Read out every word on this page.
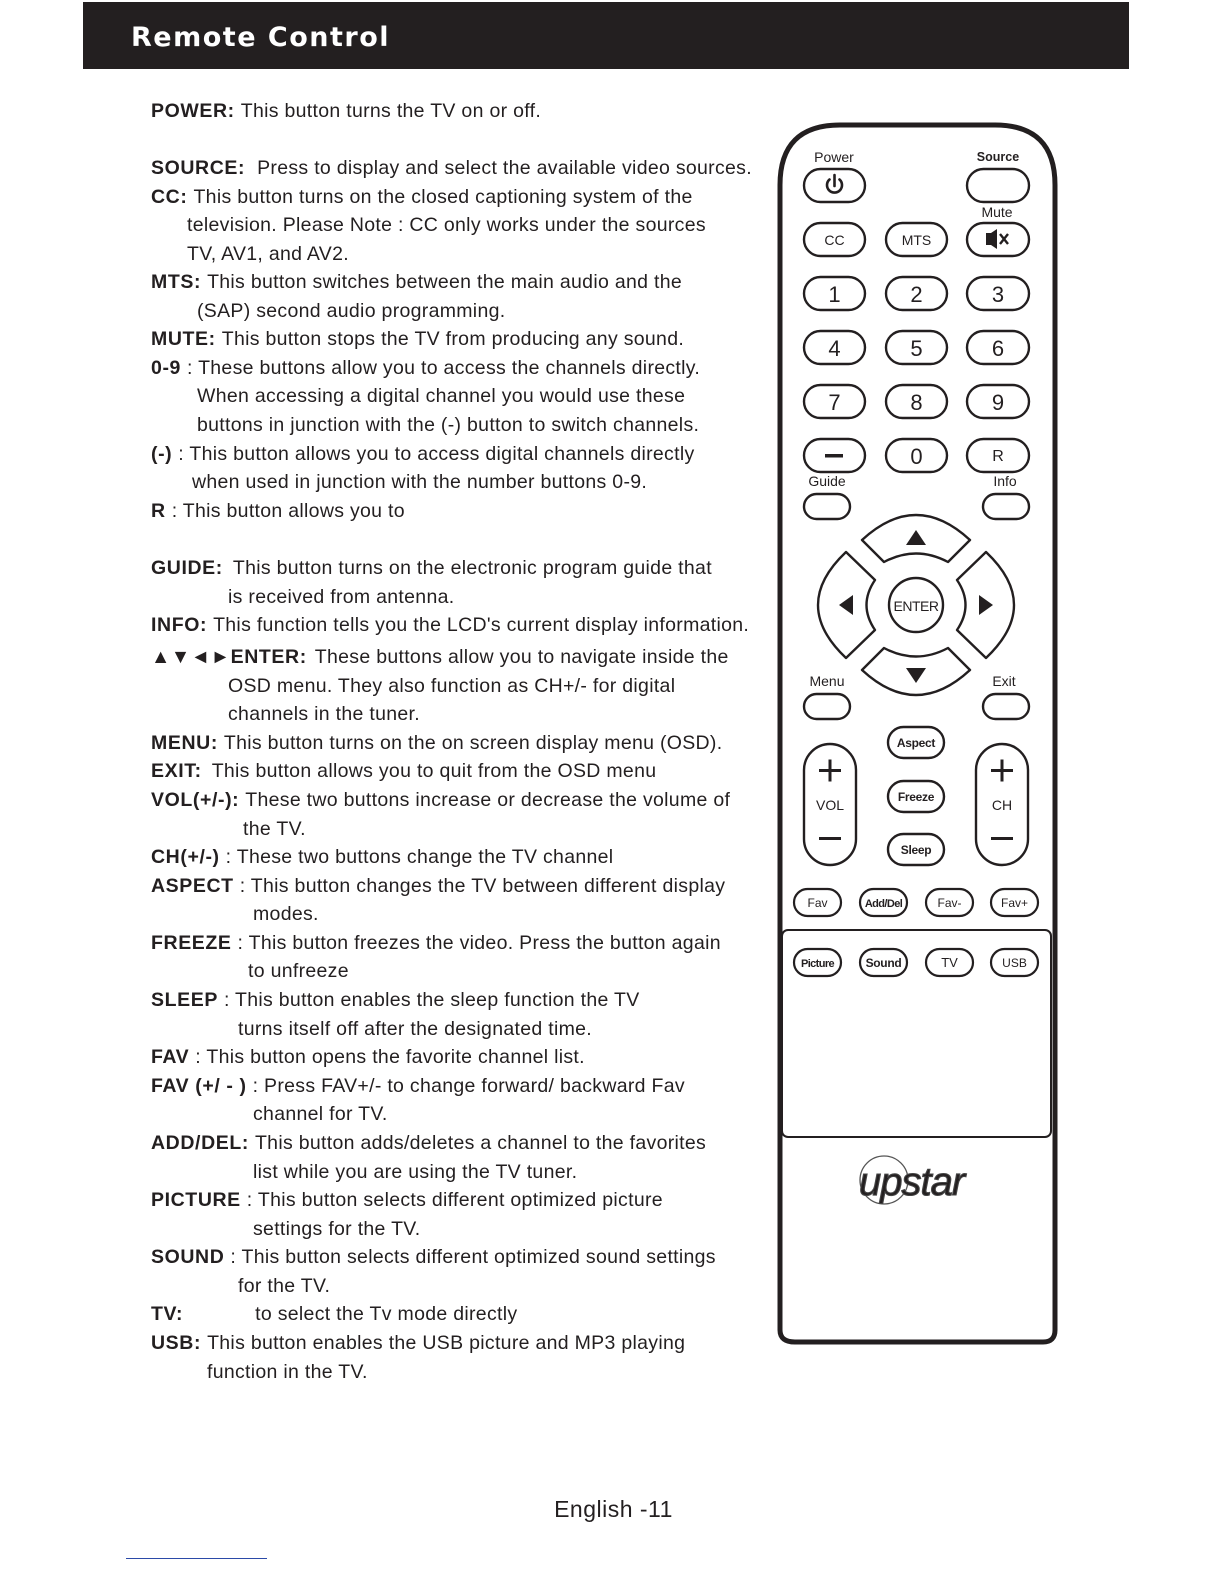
Remote Control
POWER: This button turns the TV on or off.
SOURCE: Press to display and select the available video sources.
CC: This button turns on the closed captioning system of the
television. Please Note : CC only works under the sources
TV, AV1, and AV2.
MTS: This button switches between the main audio and the
(SAP) second audio programming.
MUTE: This button stops the TV from producing any sound.
0-9 : These buttons allow you to access the channels directly.
When accessing a digital channel you would use these
buttons in junction with the (-) button to switch channels.
(-) : This button allows you to access digital channels directly
when used in junction with the number buttons 0-9.
R : This button allows you to
GUIDE: This button turns on the electronic program guide that
is received from antenna.
INFO: This function tells you the LCD's current display information.
▲▼◄►ENTER: These buttons allow you to navigate inside the
OSD menu. They also function as CH+/- for digital
channels in the tuner.
MENU: This button turns on the on screen display menu (OSD).
EXIT: This button allows you to quit from the OSD menu
VOL(+/-): These two buttons increase or decrease the volume of
the TV.
CH(+/-) : These two buttons change the TV channel
ASPECT : This button changes the TV between different display
modes.
FREEZE : This button freezes the video. Press the button again
to unfreeze
SLEEP : This button enables the sleep function the TV
turns itself off after the designated time.
FAV : This button opens the favorite channel list.
FAV (+/ - ) : Press FAV+/- to change forward/ backward Fav
channel for TV.
ADD/DEL: This button adds/deletes a channel to the favorites
list while you are using the TV tuner.
PICTURE : This button selects different optimized picture
settings for the TV.
SOUND : This button selects different optimized sound settings
for the TV.
TV:	to select the Tv mode directly
USB: This button enables the USB picture and MP3 playing
function in the TV.
Power	Source
Mute
Guide	Info
Menu	Exit
CC	MTS
1	2	3
4	5	6
7	8	9
0	R
ENTER
VOL	CH
Aspect
Freeze
Sleep
Fav	Add/Del	Fav-	Fav+
Picture	Sound	TV	USB
upstar
English -11
